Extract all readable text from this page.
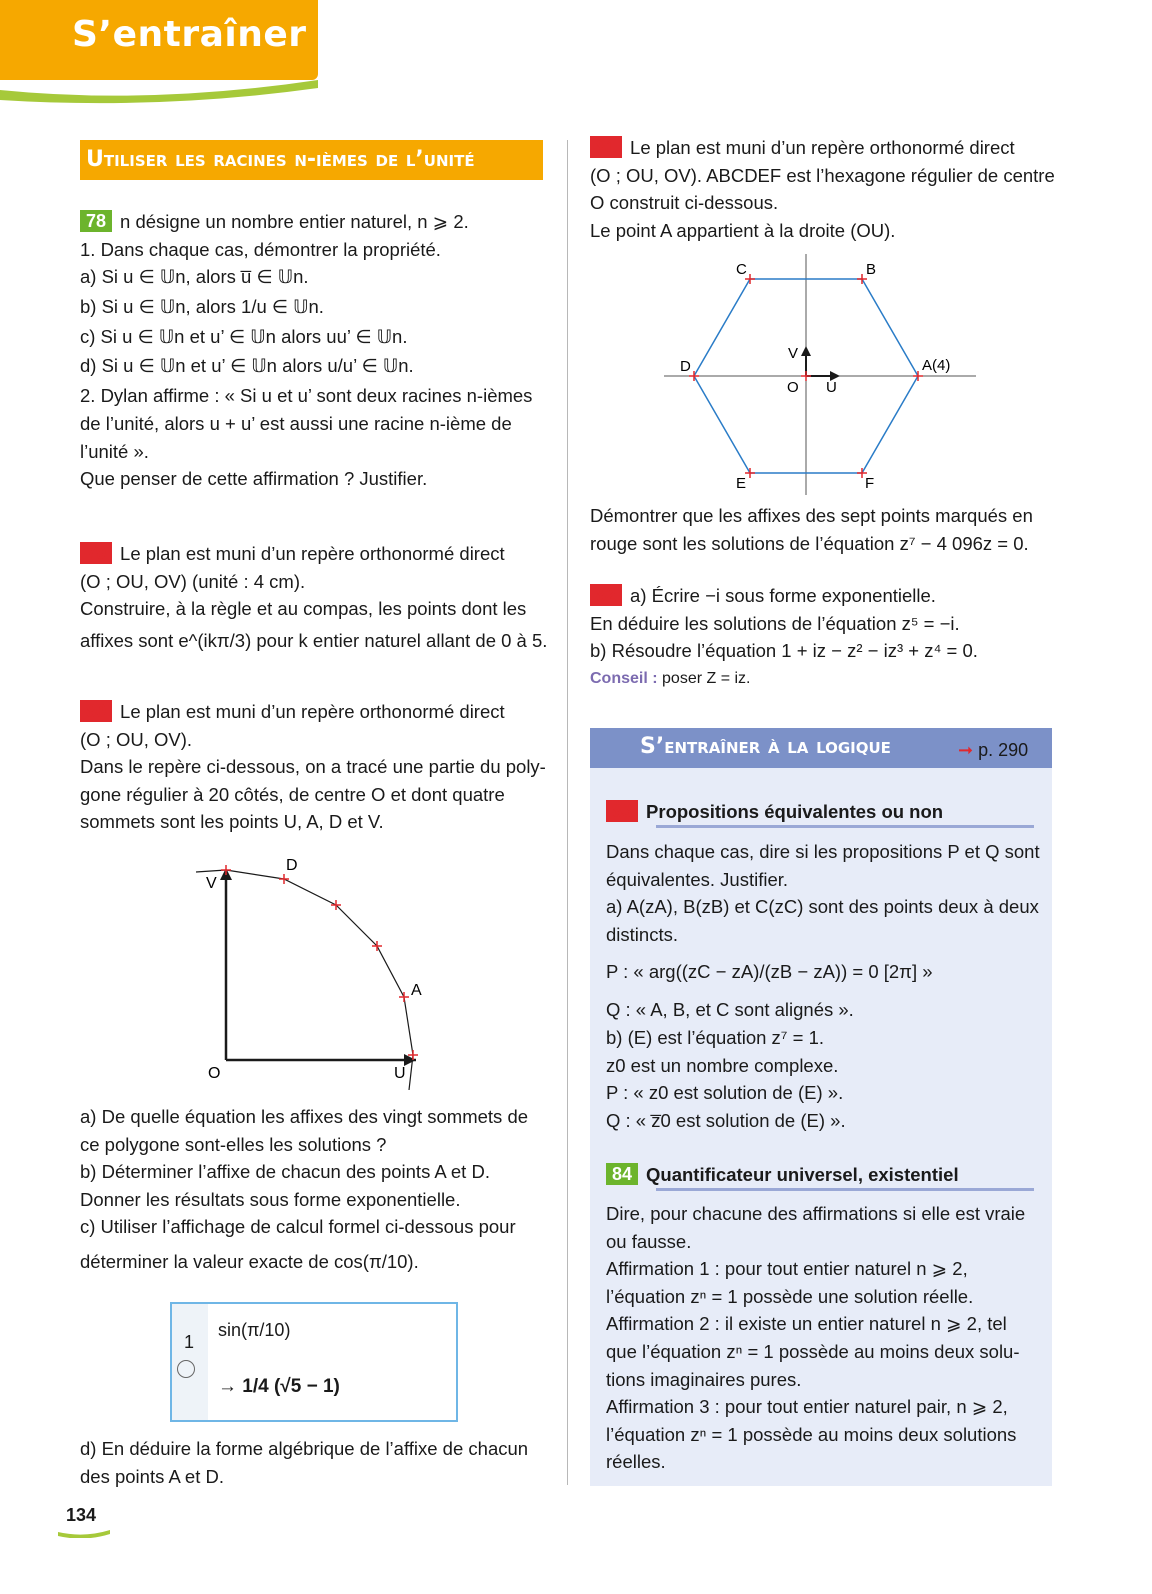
S’entraîner
Utiliser les racines n-ièmes de l’unité

78 n désigne un nombre entier naturel, n ⩾ 2.

1. Dans chaque cas, démontrer la propriété.

a) Si u ∈ 𝕌n, alors u̅ ∈ 𝕌n.

b) Si u ∈ 𝕌n, alors 1/u ∈ 𝕌n.

c) Si u ∈ 𝕌n et u’ ∈ 𝕌n alors uu’ ∈ 𝕌n.

d) Si u ∈ 𝕌n et u’ ∈ 𝕌n alors u/u’ ∈ 𝕌n.

2. Dylan affirme : « Si u et u’ sont deux racines n-ièmes

de l’unité, alors u + u’ est aussi une racine n-ième de

l’unité ».

Que penser de cette affirmation ? Justifier.

79 Le plan est muni d’un repère orthonormé direct

(O ; OU, OV) (unité : 4 cm).

Construire, à la règle et au compas, les points dont les

affixes sont e^(ikπ/3) pour k entier naturel allant de 0 à 5.

80 Le plan est muni d’un repère orthonormé direct

(O ; OU, OV).

Dans le repère ci-dessous, on a tracé une partie du poly-

gone régulier à 20 côtés, de centre O et dont quatre

sommets sont les points U, A, D et V.

V
D
A
O	U

a) De quelle équation les affixes des vingt sommets de

ce polygone sont-elles les solutions ?

b) Déterminer l’affixe de chacun des points A et D.

Donner les résultats sous forme exponentielle.

c) Utiliser l’affichage de calcul formel ci-dessous pour

déterminer la valeur exacte de cos(π/10).

1
sin(π/10)
→ 1/4 (√5 − 1)

d) En déduire la forme algébrique de l’affixe de chacun

des points A et D.

81 Le plan est muni d’un repère orthonormé direct

(O ; OU, OV). ABCDEF est l’hexagone régulier de centre

O construit ci-dessous.

Le point A appartient à la droite (OU).

C	B
D	A(4)
V
O U
E	F

Démontrer que les affixes des sept points marqués en

rouge sont les solutions de l’équation z⁷ − 4 096z = 0.

82 a) Écrire −i sous forme exponentielle.

En déduire les solutions de l’équation z⁵ = −i.

b) Résoudre l’équation 1 + iz − z² − iz³ + z⁴ = 0.

Conseil : poser Z = iz.

S’entraîner à la logique	➞ p. 290

83 Propositions équivalentes ou non

Dans chaque cas, dire si les propositions P et Q sont

équivalentes. Justifier.

a) A(zA), B(zB) et C(zC) sont des points deux à deux

distincts.

P : « arg((zC − zA)/(zB − zA)) = 0 [2π] »

Q : « A, B, et C sont alignés ».

b) (E) est l’équation z⁷ = 1.

z0 est un nombre complexe.

P : « z0 est solution de (E) ».

Q : « z̅0 est solution de (E) ».

84 Quantificateur universel, existentiel

Dire, pour chacune des affirmations si elle est vraie

ou fausse.

Affirmation 1 : pour tout entier naturel n ⩾ 2,

l’équation zⁿ = 1 possède une solution réelle.

Affirmation 2 : il existe un entier naturel n ⩾ 2, tel

que l’équation zⁿ = 1 possède au moins deux solu-

tions imaginaires pures.

Affirmation 3 : pour tout entier naturel pair, n ⩾ 2,

l’équation zⁿ = 1 possède au moins deux solutions

réelles.

134
